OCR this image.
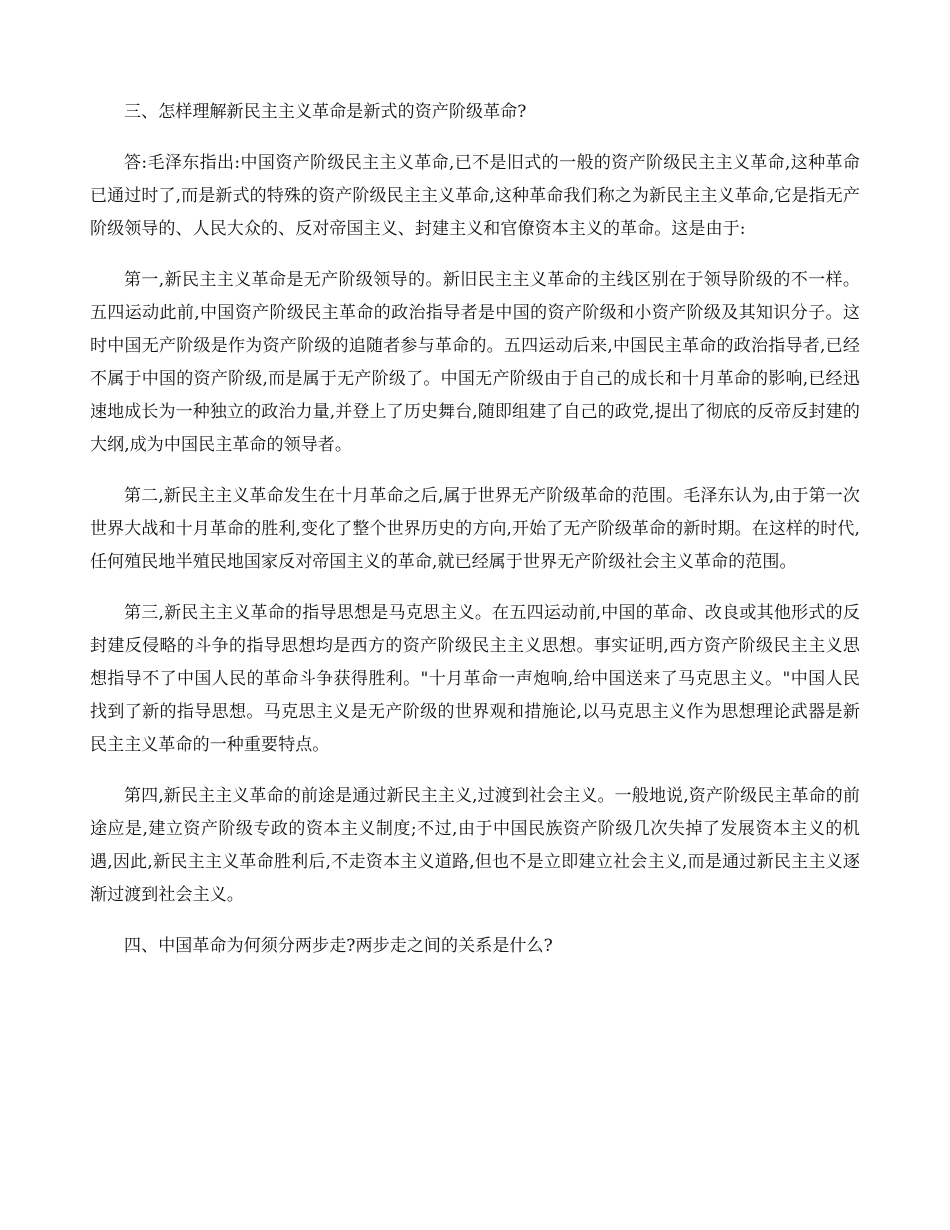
三、怎样理解新民主主义革命是新式的资产阶级革命?

答:毛泽东指出:中国资产阶级民主主义革命,已不是旧式的一般的资产阶级民主主义革命,这种革命已通过时了,而是新式的特殊的资产阶级民主主义革命,这种革命我们称之为新民主主义革命,它是指无产阶级领导的、人民大众的、反对帝国主义、封建主义和官僚资本主义的革命。这是由于:

第一,新民主主义革命是无产阶级领导的。新旧民主主义革命的主线区别在于领导阶级的不一样。五四运动此前,中国资产阶级民主革命的政治指导者是中国的资产阶级和小资产阶级及其知识分子。这时中国无产阶级是作为资产阶级的追随者参与革命的。五四运动后来,中国民主革命的政治指导者,已经不属于中国的资产阶级,而是属于无产阶级了。中国无产阶级由于自己的成长和十月革命的影响,已经迅速地成长为一种独立的政治力量,并登上了历史舞台,随即组建了自己的政党,提出了彻底的反帝反封建的大纲,成为中国民主革命的领导者。

第二,新民主主义革命发生在十月革命之后,属于世界无产阶级革命的范围。毛泽东认为,由于第一次世界大战和十月革命的胜利,变化了整个世界历史的方向,开始了无产阶级革命的新时期。在这样的时代,任何殖民地半殖民地国家反对帝国主义的革命,就已经属于世界无产阶级社会主义革命的范围。

第三,新民主主义革命的指导思想是马克思主义。在五四运动前,中国的革命、改良或其他形式的反封建反侵略的斗争的指导思想均是西方的资产阶级民主主义思想。事实证明,西方资产阶级民主主义思想指导不了中国人民的革命斗争获得胜利。"十月革命一声炮响,给中国送来了马克思主义。"中国人民找到了新的指导思想。马克思主义是无产阶级的世界观和措施论,以马克思主义作为思想理论武器是新民主主义革命的一种重要特点。

第四,新民主主义革命的前途是通过新民主主义,过渡到社会主义。一般地说,资产阶级民主革命的前途应是,建立资产阶级专政的资本主义制度;不过,由于中国民族资产阶级几次失掉了发展资本主义的机遇,因此,新民主主义革命胜利后,不走资本主义道路,但也不是立即建立社会主义,而是通过新民主主义逐渐过渡到社会主义。

四、中国革命为何须分两步走?两步走之间的关系是什么?
